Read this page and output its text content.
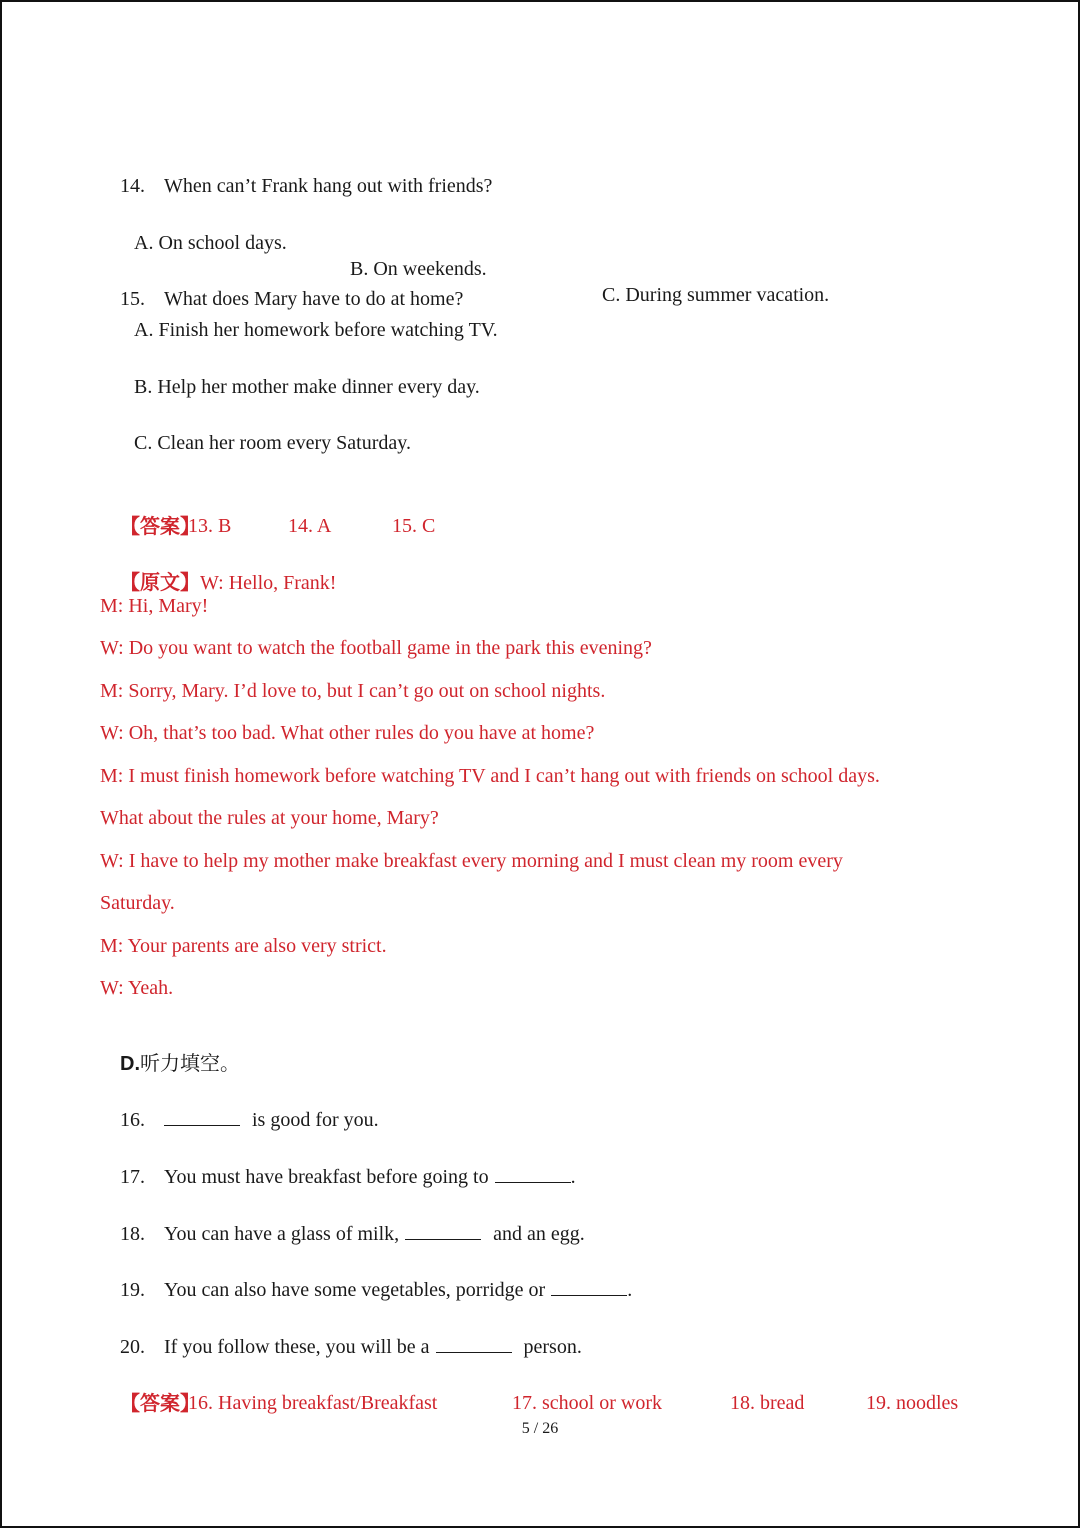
14. When can’t Frank hang out with friends?

A. On school days.

B. On weekends.

C. During summer vacation.

15. What does Mary have to do at home?

A. Finish her homework before watching TV.
B. Help her mother make dinner every day.
C. Clean her room every Saturday.

【答案】
13. B	14. A	15. C

【原文】W: Hello, Frank!

M: Hi, Mary!
W: Do you want to watch the football game in the park this evening?
M: Sorry, Mary. I’d love to, but I can’t go out on school nights.
W: Oh, that’s too bad. What other rules do you have at home?
M: I must finish homework before watching TV and I can’t hang out with friends on school days.
What about the rules at your home, Mary?
W: I have to help my mother make breakfast every morning and I must clean my room every
Saturday.
M: Your parents are also very strict.
W: Yeah.

D.听力填空。

16.	is good for you.

17. You must have breakfast before going to	.

18. You can have a glass of milk,	and an egg.

19. You can also have some vegetables, porridge or	.

20. If you follow these, you will be a	person.

【答案】
16. Having breakfast/Breakfast	17. school or work	18. bread	19. noodles

5 / 26
